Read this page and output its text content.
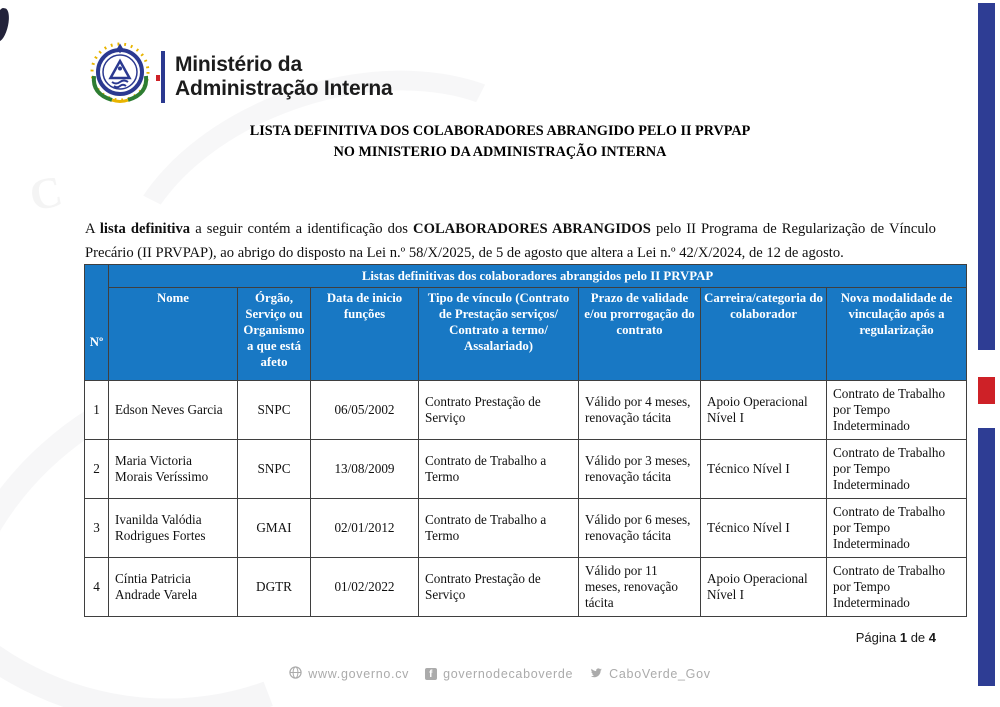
C
Ministério da
Administração Interna
LISTA DEFINITIVA DOS COLABORADORES ABRANGIDO PELO II PRVPAP
NO MINISTERIO DA ADMINISTRAÇÃO INTERNA

A lista definitiva a seguir contém a identificação dos COLABORADORES ABRANGIDOS pelo II Programa de Regularização de Vínculo Precário (II PRVPAP), ao abrigo do disposto na Lei n.º 58/X/2025, de 5 de agosto que altera a Lei n.º 42/X/2024, de 12 de agosto.

Nº	Listas definitivas dos colaboradores abrangidos pelo II PRVPAP						
	Nome	Órgão, Serviço ou Organismo a que está afeto	Data de inicio funções	Tipo de vínculo (Contrato de Prestação serviços/ Contrato a termo/ Assalariado)	Prazo de validade e/ou prorrogação do contrato	Carreira/categoria do colaborador	Nova modalidade de vinculação após a regularização
1	Edson Neves Garcia	SNPC	06/05/2002	Contrato Prestação de Serviço	Válido por 4 meses, renovação tácita	Apoio Operacional Nível I	Contrato de Trabalho por Tempo Indeterminado
2	Maria Victoria Morais Veríssimo	SNPC	13/08/2009	Contrato de Trabalho a Termo	Válido por 3 meses, renovação tácita	Técnico Nível I	Contrato de Trabalho por Tempo Indeterminado
3	Ivanilda Valódia Rodrigues Fortes	GMAI	02/01/2012	Contrato de Trabalho a Termo	Válido por 6 meses, renovação tácita	Técnico Nível I	Contrato de Trabalho por Tempo Indeterminado
4	Cíntia Patricia Andrade Varela	DGTR	01/02/2022	Contrato Prestação de Serviço	Válido por 11 meses, renovação tácita	Apoio Operacional Nível I	Contrato de Trabalho por Tempo Indeterminado
Página 1 de 4
www.governo.cv	f governodecaboverde	CaboVerde_Gov
